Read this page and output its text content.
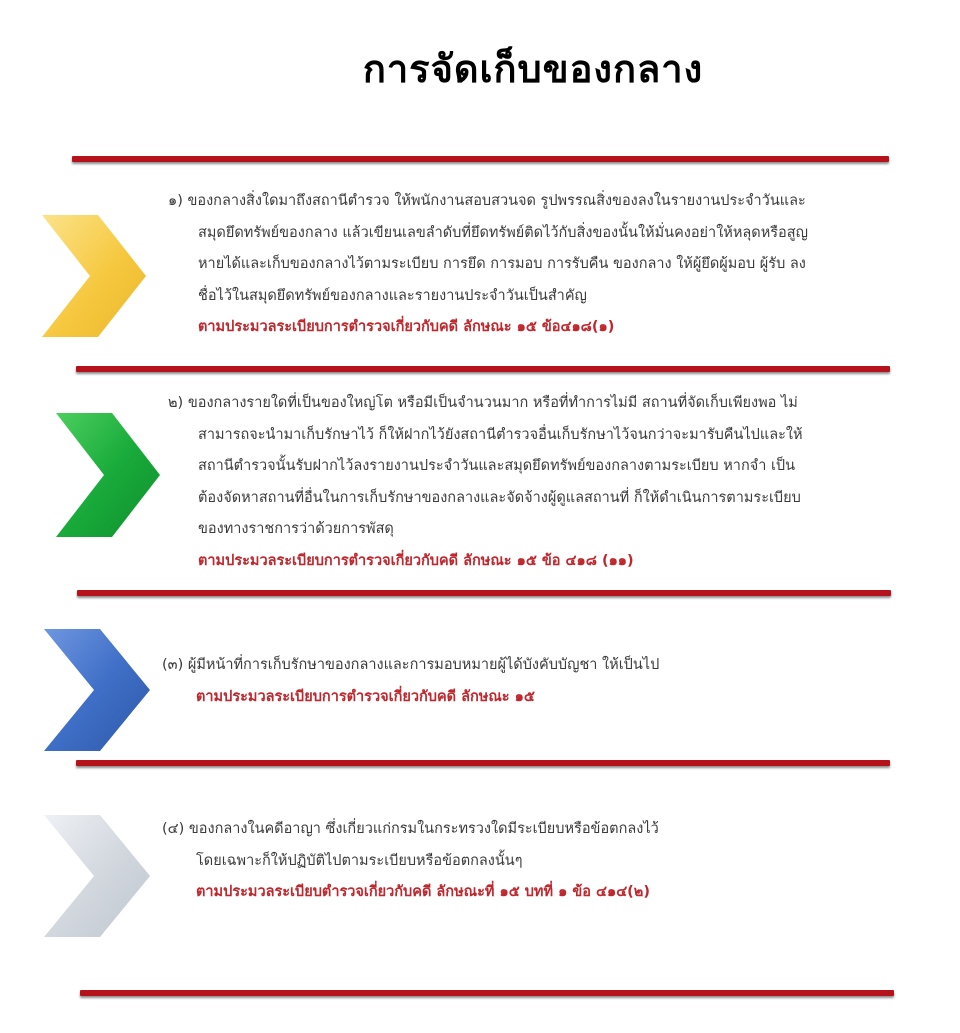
การจัดเก็บของกลาง
๑) ของกลางสิ่งใดมาถึงสถานีตำรวจ ให้พนักงานสอบสวนจด รูปพรรณสิ่งของลงในรายงานประจำวันและ
สมุดยึดทรัพย์ของกลาง แล้วเขียนเลขลำดับที่ยึดทรัพย์ติดไว้กับสิ่งของนั้นให้มั่นคงอย่าให้หลุดหรือสูญ
หายได้และเก็บของกลางไว้ตามระเบียบ การยึด การมอบ การรับคืน ของกลาง ให้ผู้ยึดผู้มอบ ผู้รับ ลง
ชื่อไว้ในสมุดยึดทรัพย์ของกลางและรายงานประจำวันเป็นสำคัญ
ตามประมวลระเบียบการตำรวจเกี่ยวกับคดี ลักษณะ ๑๕ ข้อ๔๑๘(๑)
๒) ของกลางรายใดที่เป็นของใหญ่โต หรือมีเป็นจำนวนมาก หรือที่ทำการไม่มี สถานที่จัดเก็บเพียงพอ ไม่
สามารถจะนำมาเก็บรักษาไว้ ก็ให้ฝากไว้ยังสถานีตำรวจอื่นเก็บรักษาไว้จนกว่าจะมารับคืนไปและให้
สถานีตำรวจนั้นรับฝากไว้ลงรายงานประจำวันและสมุดยึดทรัพย์ของกลางตามระเบียบ หากจำ เป็น
ต้องจัดหาสถานที่อื่นในการเก็บรักษาของกลางและจัดจ้างผู้ดูแลสถานที่ ก็ให้ดำเนินการตามระเบียบ
ของทางราชการว่าด้วยการพัสดุ
ตามประมวลระเบียบการตำรวจเกี่ยวกับคดี ลักษณะ ๑๕ ข้อ ๔๑๘ (๑๑)
(๓) ผู้มีหน้าที่การเก็บรักษาของกลางและการมอบหมายผู้ได้บังคับบัญชา ให้เป็นไป
ตามประมวลระเบียบการตำรวจเกี่ยวกับคดี ลักษณะ ๑๕
(๔) ของกลางในคดีอาญา ซึ่งเกี่ยวแก่กรมในกระทรวงใดมีระเบียบหรือข้อตกลงไว้
โดยเฉพาะก็ให้ปฏิบัติไปตามระเบียบหรือข้อตกลงนั้นๆ
ตามประมวลระเบียบตำรวจเกี่ยวกับคดี ลักษณะที่ ๑๕ บทที่ ๑ ข้อ ๔๑๔(๒)
